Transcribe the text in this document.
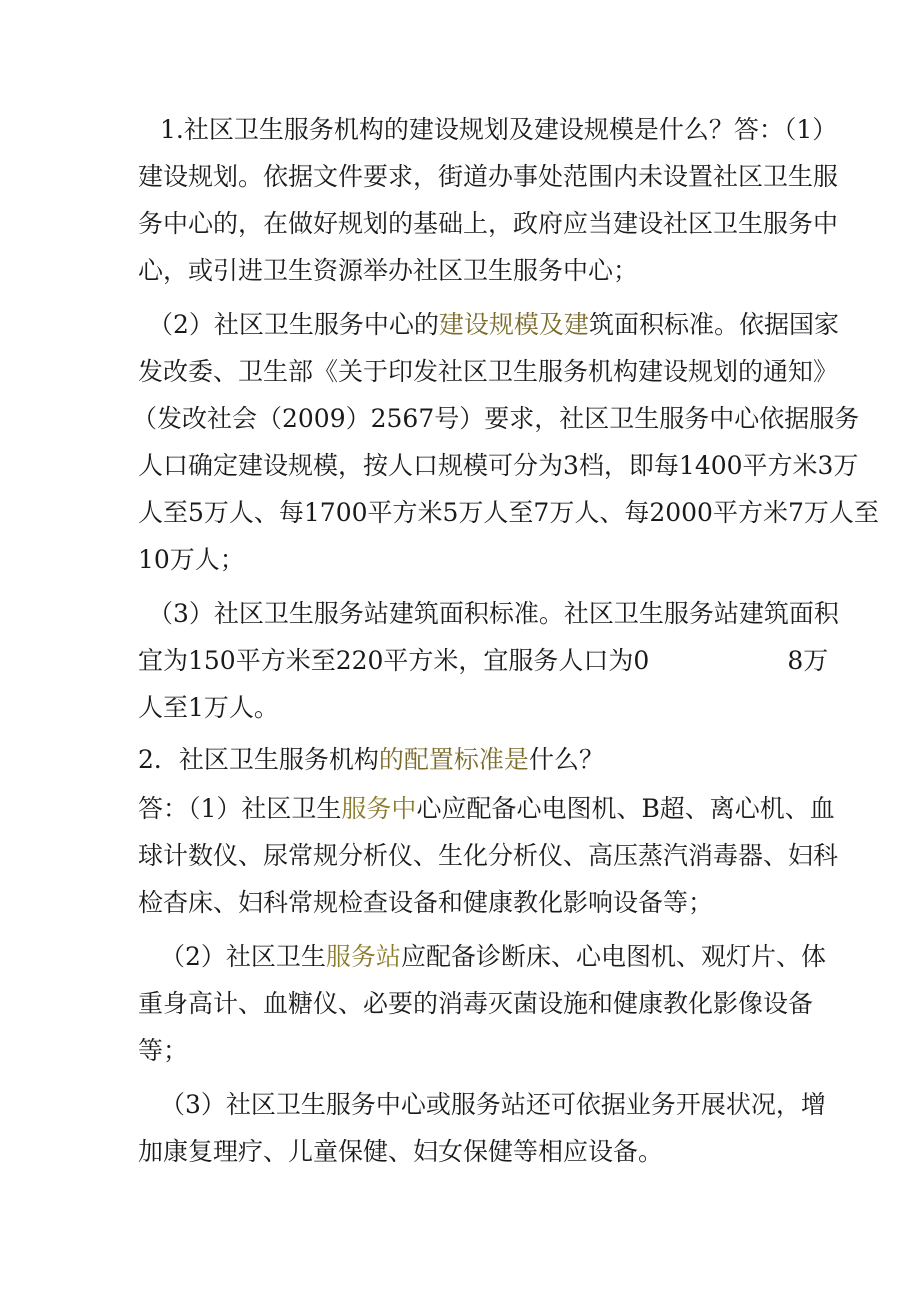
1.社区卫生服务机构的建设规划及建设规模是什么？答：（1）
建设规划。依据文件要求，街道办事处范围内未设置社区卫生服
务中心的，在做好规划的基础上，政府应当建设社区卫生服务中
心，或引进卫生资源举办社区卫生服务中心；
（2）社区卫生服务中心的建设规模及建筑面积标准。依据国家
发改委、卫生部《关于印发社区卫生服务机构建设规划的通知》
（发改社会（2009）2567号）要求，社区卫生服务中心依据服务
人口确定建设规模，按人口规模可分为3档，即每1400平方米3万
人至5万人、每1700平方米5万人至7万人、每2000平方米7万人至
10万人；
（3）社区卫生服务站建筑面积标准。社区卫生服务站建筑面积
宜为150平方米至220平方米，宜服务人口为0	8万
人至1万人。
2．社区卫生服务机构的配置标准是什么？
答：（1）社区卫生服务中心应配备心电图机、B超、离心机、血
球计数仪、尿常规分析仪、生化分析仪、高压蒸汽消毒器、妇科
检杳床、妇科常规检查设备和健康教化影响设备等；
（2）社区卫生服务站应配备诊断床、心电图机、观灯片、体
重身高计、血糖仪、必要的消毒灭菌设施和健康教化影像设备
等；
（3）社区卫生服务中心或服务站还可依据业务开展状况，增
加康复理疗、儿童保健、妇女保健等相应设备。
